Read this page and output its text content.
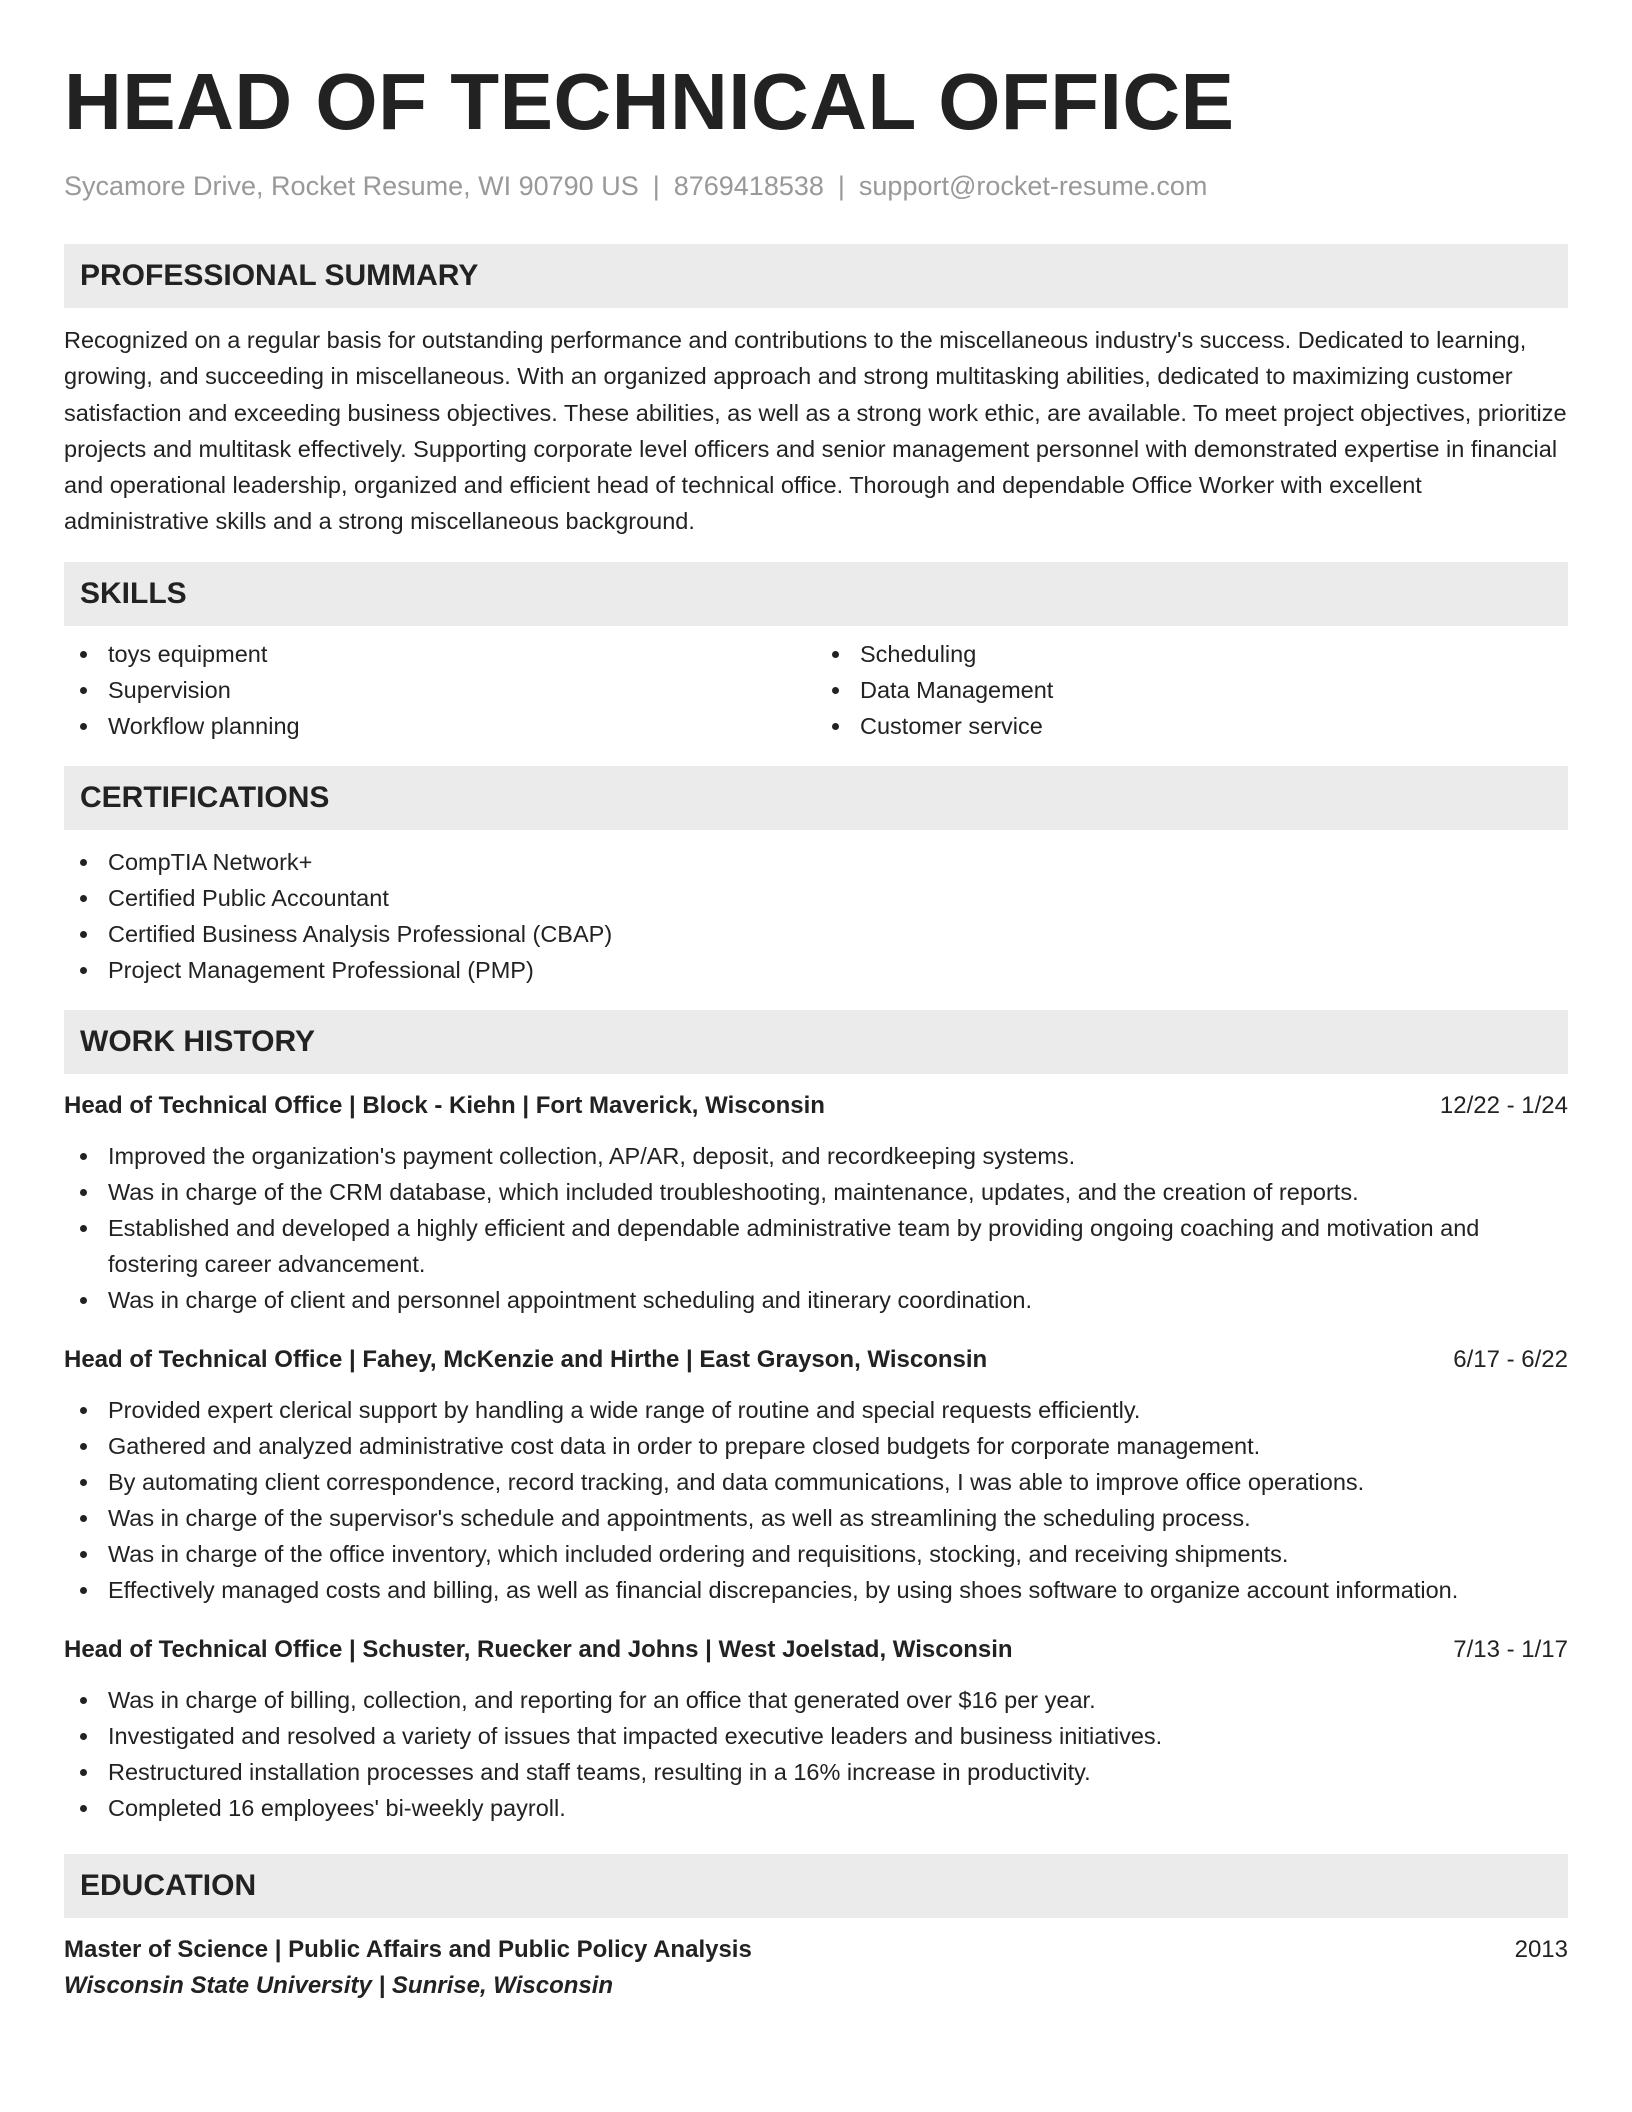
HEAD OF TECHNICAL OFFICE
Sycamore Drive, Rocket Resume, WI 90790 US | 8769418538 | support@rocket-resume.com
PROFESSIONAL SUMMARY

Recognized on a regular basis for outstanding performance and contributions to the miscellaneous industry's success. Dedicated to learning, growing, and succeeding in miscellaneous. With an organized approach and strong multitasking abilities, dedicated to maximizing customer satisfaction and exceeding business objectives. These abilities, as well as a strong work ethic, are available. To meet project objectives, prioritize projects and multitask effectively. Supporting corporate level officers and senior management personnel with demonstrated expertise in financial and operational leadership, organized and efficient head of technical office. Thorough and dependable Office Worker with excellent administrative skills and a strong miscellaneous background.

SKILLS
toys equipment
Supervision
Workflow planning
Scheduling
Data Management
Customer service
CERTIFICATIONS
CompTIA Network+
Certified Public Accountant
Certified Business Analysis Professional (CBAP)
Project Management Professional (PMP)
WORK HISTORY
Head of Technical Office | Block - Kiehn | Fort Maverick, Wisconsin	12/22 - 1/24
Improved the organization's payment collection, AP/AR, deposit, and recordkeeping systems.
Was in charge of the CRM database, which included troubleshooting, maintenance, updates, and the creation of reports.
Established and developed a highly efficient and dependable administrative team by providing ongoing coaching and motivation and fostering career advancement.
Was in charge of client and personnel appointment scheduling and itinerary coordination.
Head of Technical Office | Fahey, McKenzie and Hirthe | East Grayson, Wisconsin	6/17 - 6/22
Provided expert clerical support by handling a wide range of routine and special requests efficiently.
Gathered and analyzed administrative cost data in order to prepare closed budgets for corporate management.
By automating client correspondence, record tracking, and data communications, I was able to improve office operations.
Was in charge of the supervisor's schedule and appointments, as well as streamlining the scheduling process.
Was in charge of the office inventory, which included ordering and requisitions, stocking, and receiving shipments.
Effectively managed costs and billing, as well as financial discrepancies, by using shoes software to organize account information.
Head of Technical Office | Schuster, Ruecker and Johns | West Joelstad, Wisconsin	7/13 - 1/17
Was in charge of billing, collection, and reporting for an office that generated over $16 per year.
Investigated and resolved a variety of issues that impacted executive leaders and business initiatives.
Restructured installation processes and staff teams, resulting in a 16% increase in productivity.
Completed 16 employees' bi-weekly payroll.
EDUCATION
Master of Science | Public Affairs and Public Policy Analysis	2013
Wisconsin State University | Sunrise, Wisconsin
